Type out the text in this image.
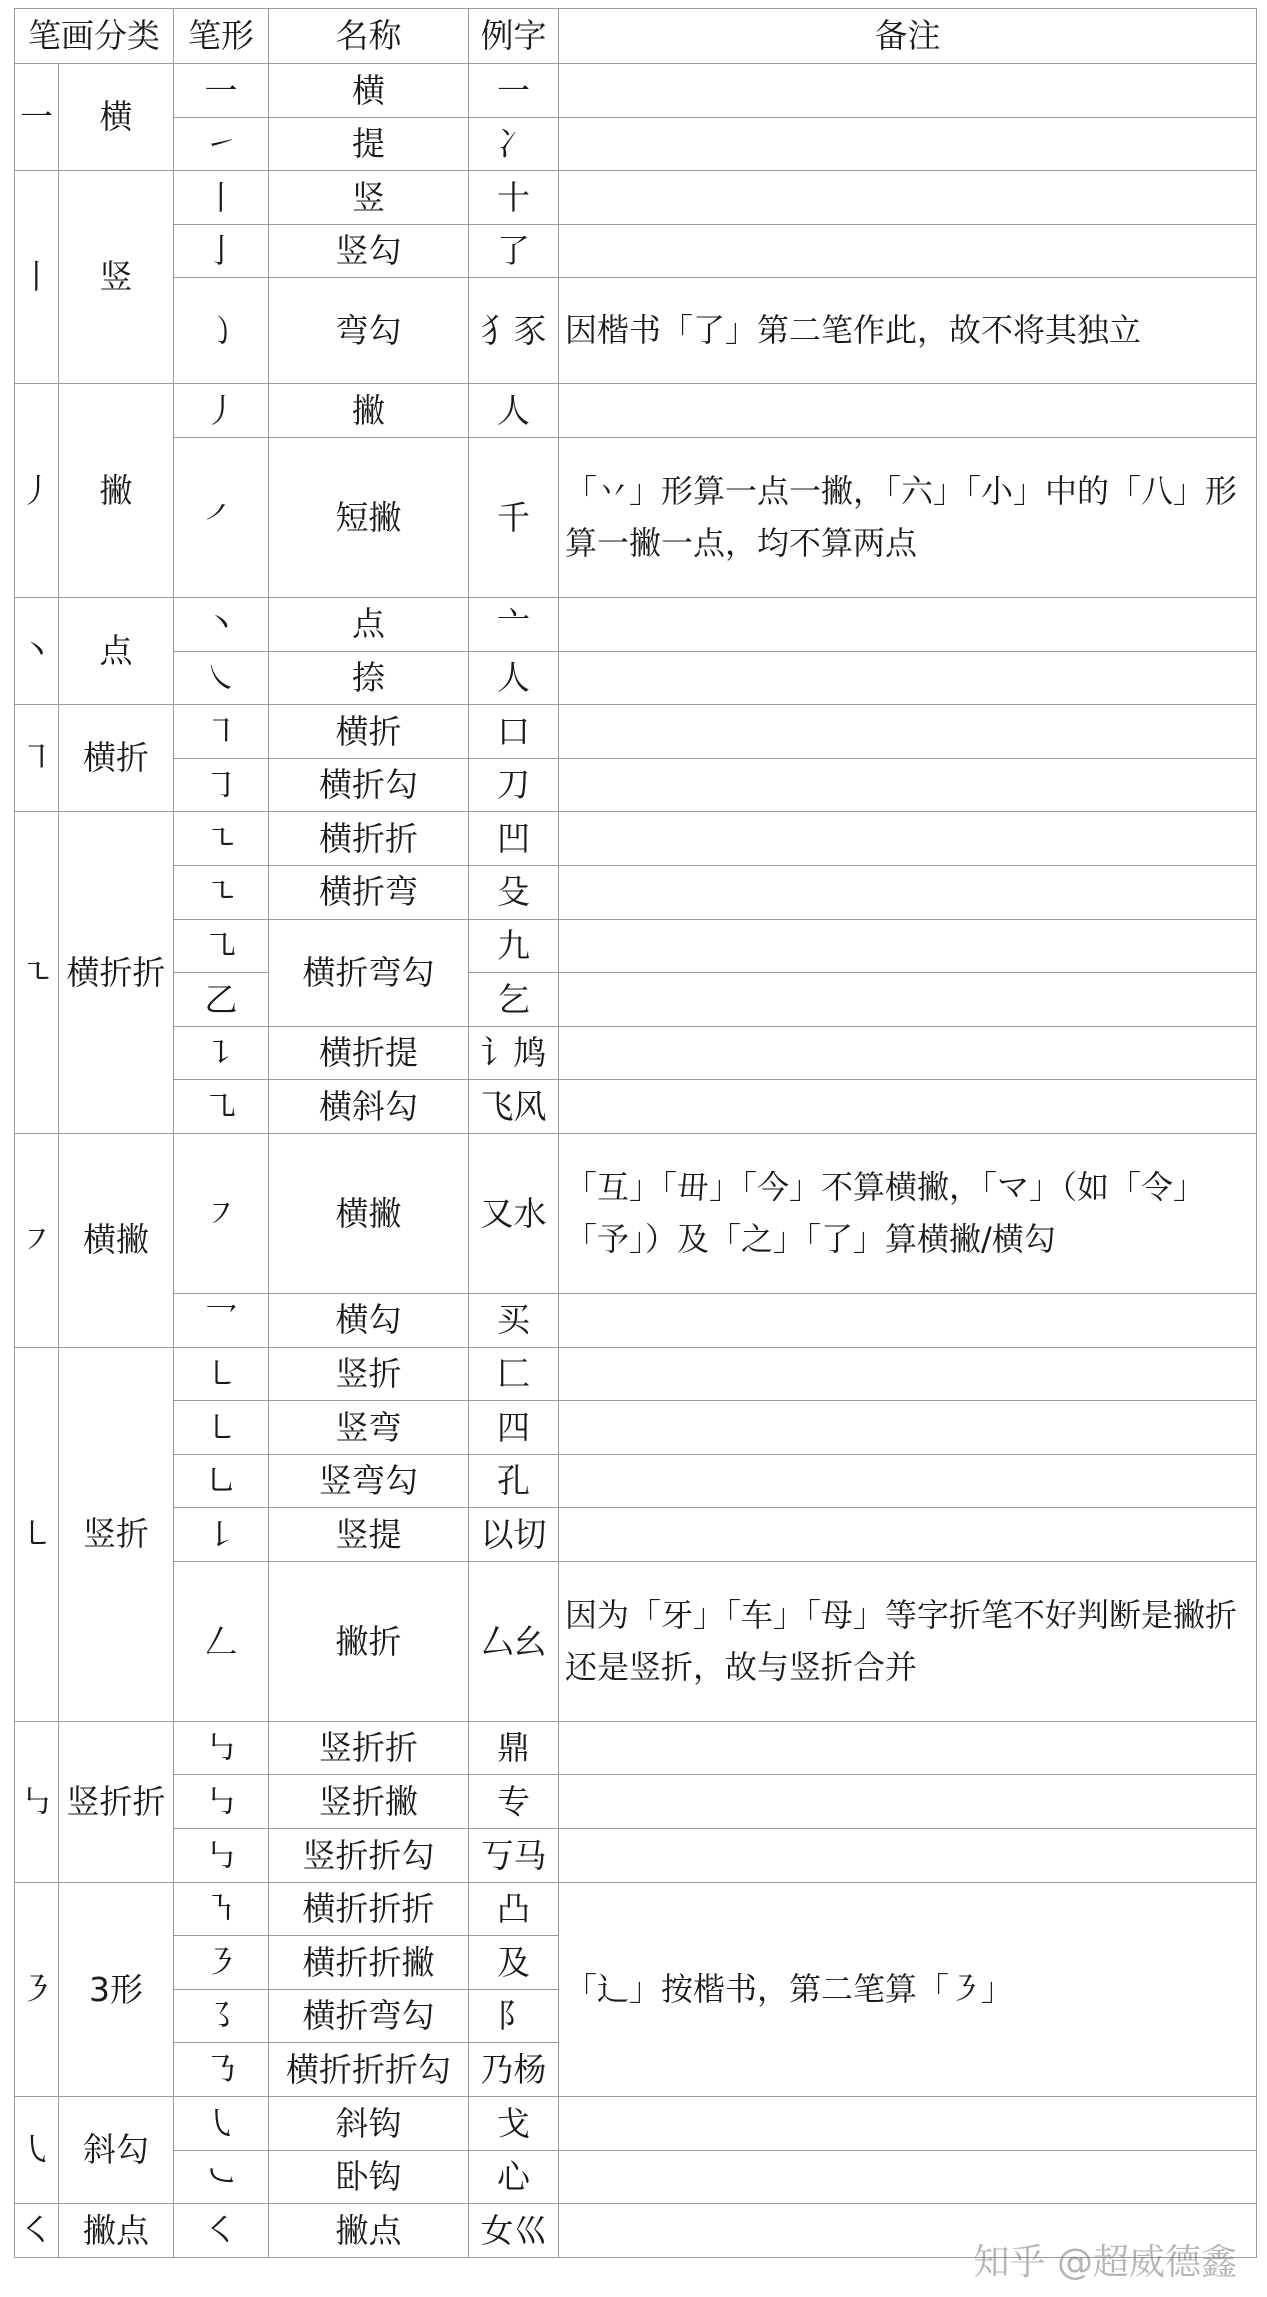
笔画分类		笔形	名称	例字	备注
一	横	一	横	一	
		㇀	提	冫	
丨	竖	丨	竖	十	
		亅	竖勾	了	
		㇁	弯勾	犭豕	因楷书「了」第二笔作此，故不将其独立
丿	撇	丿	撇	人	
		㇒	短撇	千	「丷」形算一点一撇，「六」「小」中的「八」形算一撇一点，均不算两点
丶	点	丶	点	亠	
		㇏	捺	人	
㇕	横折	㇕	横折	口	
		㇆	横折勾	刀	
㇍	横折折	㇍	横折折	凹	
		㇍	横折弯	殳	
		㇈	横折弯勾	九	
		乙		乞	
		㇊	横折提	讠鸠	
		㇈	横斜勾	飞风	
㇇	横撇	㇇	横撇	又水	「互」「毌」「今」不算横撇，「マ」（如「令」「予」）及「之」「了」算横撇/横勾
		乛	横勾	买	
㇄	竖折	㇄	竖折	匚	
		㇄	竖弯	四	
		㇟	竖弯勾	孔	
		㇙	竖提	以切	
		𠃋	撇折	厶幺	因为「牙」「车」「母」等字折笔不好判断是撇折还是竖折，故与竖折合并
㇉	竖折折	㇉	竖折折	鼎	
		㇉	竖折撇	专	
		㇉	竖折折勾	丂马	
㇋	3形	㇎	横折折折	凸	「辶」按楷书，第二笔算「㇋」
		㇋	横折折撇	及	
		㇌	横折弯勾	阝	
		㇡	横折折折勾	乃杨	
㇂	斜勾	㇂	斜钩	戈	
		㇃	卧钩	心	
㇛	撇点	㇛	撇点	女巛	
知乎 @超威德鑫
